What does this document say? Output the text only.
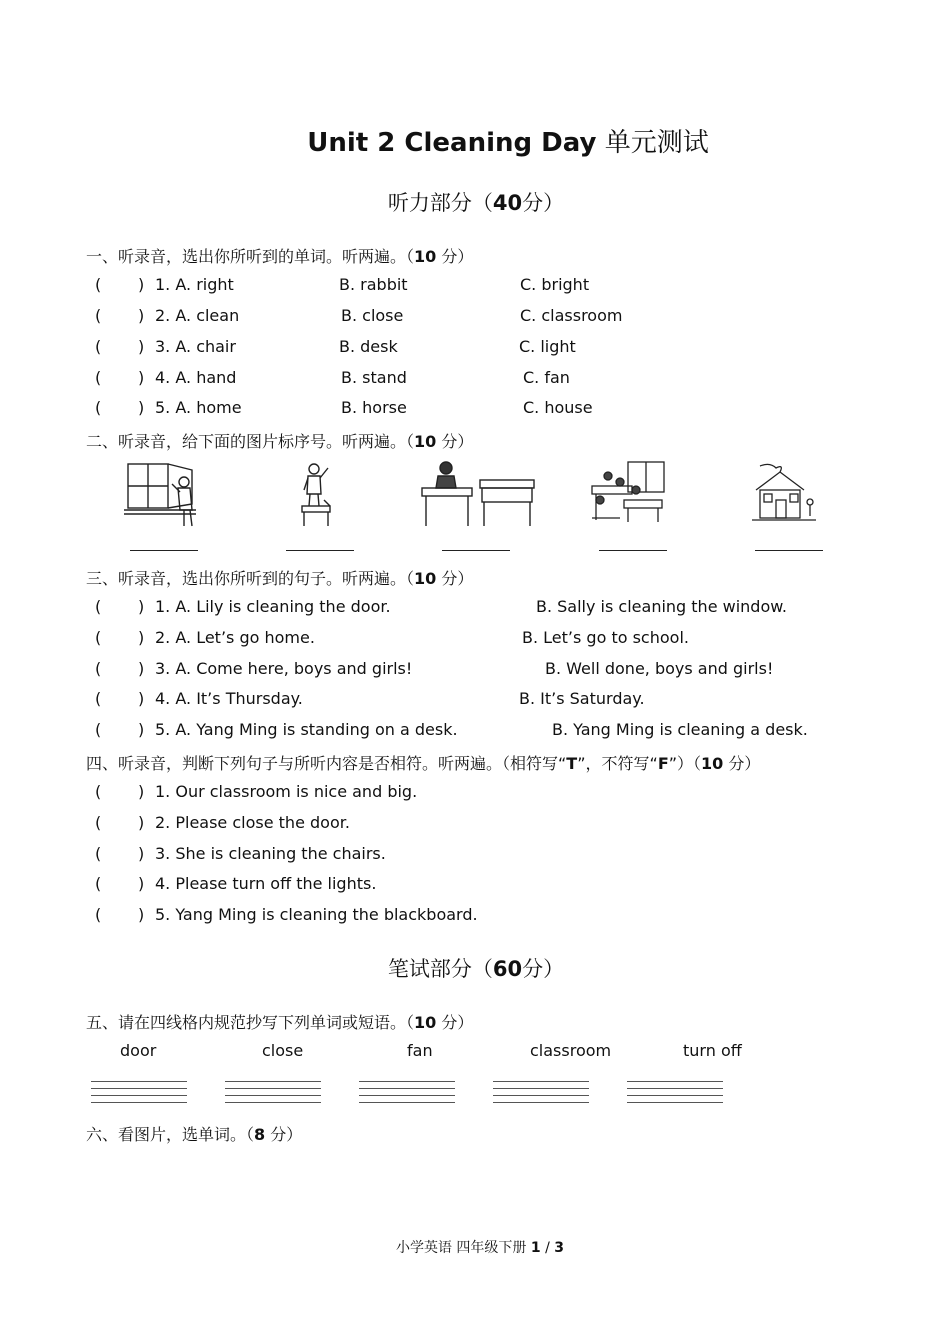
Unit 2 Cleaning Day 单元测试
听力部分（40分）
一、听录音，选出你所听到的单词。听两遍。（10 分）
( ) 1. A. right	B. rabbit	C. bright
( ) 2. A. clean	B. close	C. classroom
( ) 3. A. chair	B. desk	C. light
( ) 4. A. hand	B. stand	C. fan
( ) 5. A. home	B. horse	C. house
二、听录音，给下面的图片标序号。听两遍。（10 分）
三、听录音，选出你所听到的句子。听两遍。（10 分）
( ) 1. A. Lily is cleaning the door.	B. Sally is cleaning the window.
( ) 2. A. Let’s go home.	B. Let’s go to school.
( ) 3. A. Come here, boys and girls!	B. Well done, boys and girls!
( ) 4. A. It’s Thursday.	B. It’s Saturday.
( ) 5. A. Yang Ming is standing on a desk.	B. Yang Ming is cleaning a desk.
四、听录音，判断下列句子与所听内容是否相符。听两遍。（相符写“T”，不符写“F”）（10 分）
( ) 1. Our classroom is nice and big.
( ) 2. Please close the door.
( ) 3. She is cleaning the chairs.
( ) 4. Please turn off the lights.
( ) 5. Yang Ming is cleaning the blackboard.
笔试部分（60分）
五、请在四线格内规范抄写下列单词或短语。（10 分）
door	close	fan	classroom	turn off
六、看图片，选单词。（8 分）
小学英语 四年级下册 1 / 3
